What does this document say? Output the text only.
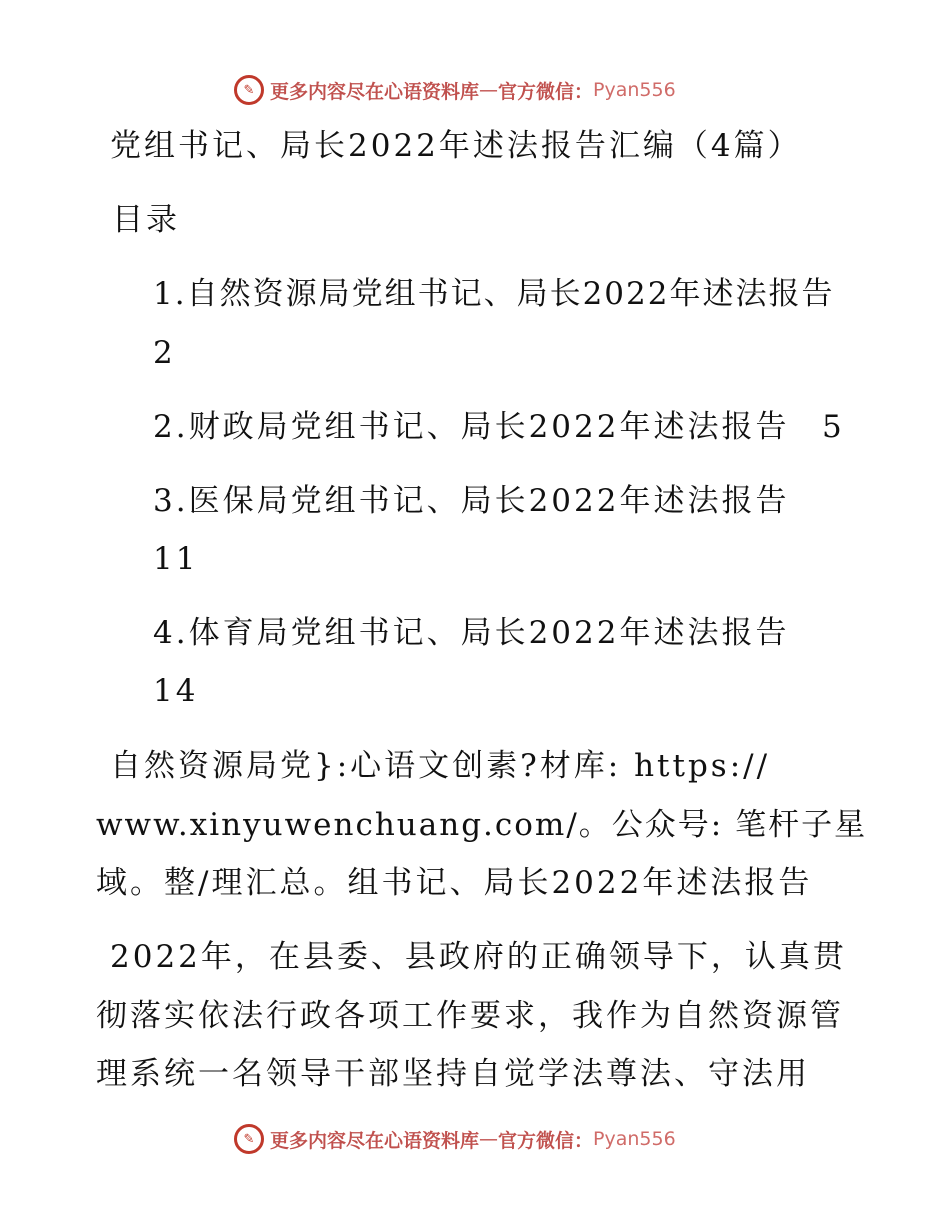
✎ 更多内容尽在心语资料库 — 官方微信： Pyan556
党组书记、局长2022年述法报告汇编（4篇）
目录
1.自然资源局党组书记、局长2022年述法报告
2
2.财政局党组书记、局长2022年述法报告 5
3.医保局党组书记、局长2022年述法报告
11
4.体育局党组书记、局长2022年述法报告
14
自然资源局党}:心语文创素?材库: https://
www.xinyuwenchuang.com/。公众号: 笔杆子星
域。整/理汇总。组书记、局长2022年述法报告
2022年，在县委、县政府的正确领导下，认真贯
彻落实依法行政各项工作要求，我作为自然资源管
理系统一名领导干部坚持自觉学法尊法、守法用
✎ 更多内容尽在心语资料库 — 官方微信： Pyan556
